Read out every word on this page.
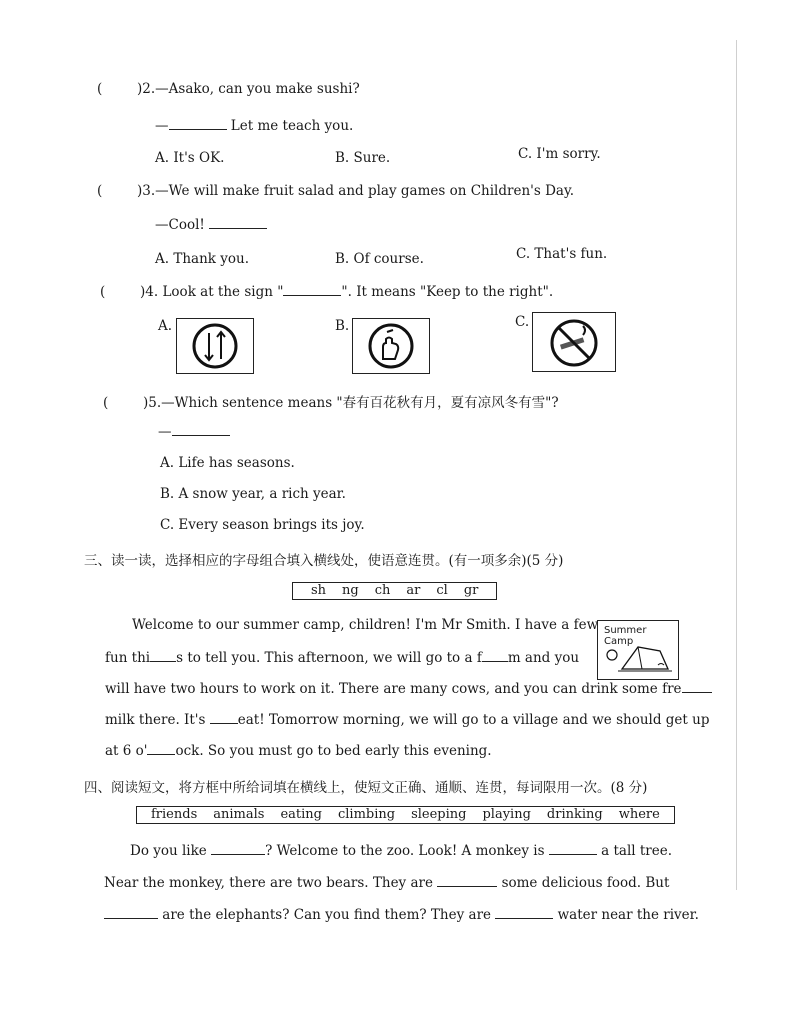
(	)2.—Asako, can you make sushi?
—	Let me teach you.
A. It's OK.	B. Sure.	C. I'm sorry.
(	)3.—We will make fruit salad and play games on Children's Day.
—Cool!
A. Thank you.	B. Of course.	C. That's fun.
(	)4. Look at the sign "	". It means "Keep to the right".
A.	B.	C.
(	)5.—Which sentence means "春有百花秋有月，夏有凉风冬有雪"?
—
A. Life has seasons.
B. A snow year, a rich year.
C. Every season brings its joy.
三、读一读，选择相应的字母组合填入横线处，使语意连贯。(有一项多余)(5 分)
sh ng ch ar cl gr
Summer Camp
Welcome to our summer camp, children! I'm Mr Smith. I have a few
fun thi s to tell you. This afternoon, we will go to a f m and you
will have two hours to work on it. There are many cows, and you can drink some fre
milk there. It's eat! Tomorrow morning, we will go to a village and we should get up
at 6 o' ock. So you must go to bed early this evening.
四、阅读短文，将方框中所给词填在横线上，使短文正确、通顺、连贯，每词限用一次。(8 分)
friends animals eating climbing sleeping playing drinking where
Do you like	? Welcome to the zoo. Look! A monkey is	a tall tree.
Near the monkey, there are two bears. They are	some delicious food. But
are the elephants? Can you find them? They are	water near the river.
